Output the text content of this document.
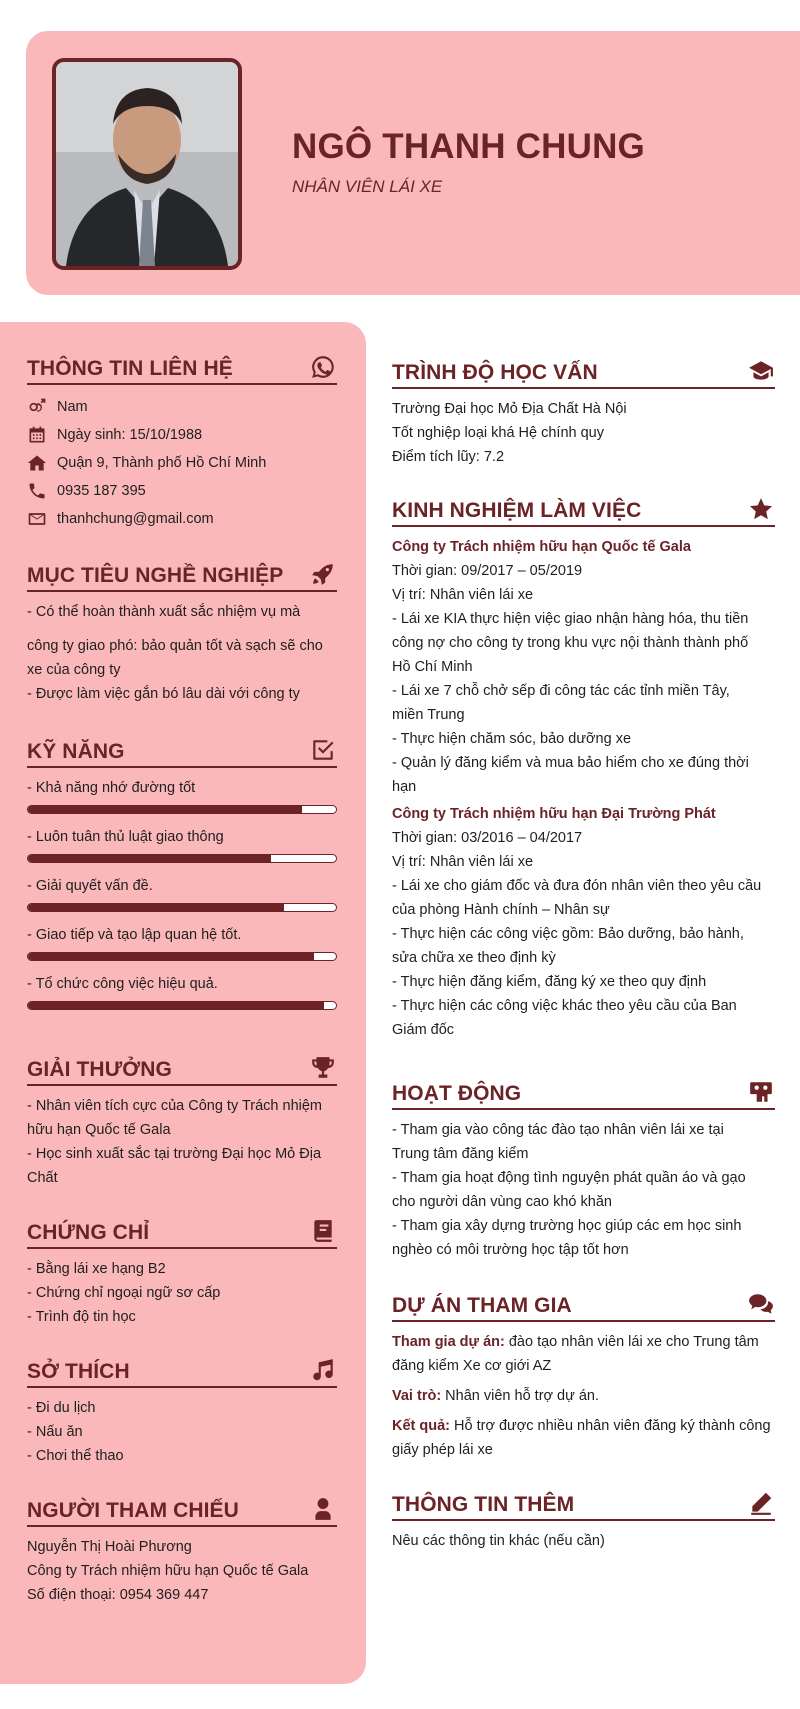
NGÔ THANH CHUNG
NHÂN VIÊN LÁI XE
THÔNG TIN LIÊN HỆ
Nam
Ngày sinh: 15/10/1988
Quận 9, Thành phố Hồ Chí Minh
0935 187 395
thanhchung@gmail.com
MỤC TIÊU NGHỀ NGHIỆP
- Có thể hoàn thành xuất sắc nhiệm vụ mà
công ty giao phó: bảo quản tốt và sạch sẽ cho xe của công ty
- Được làm việc gắn bó lâu dài với công ty
KỸ NĂNG
- Khả năng nhớ đường tốt
- Luôn tuân thủ luật giao thông
- Giải quyết vấn đề.
- Giao tiếp và tạo lập quan hệ tốt.
- Tổ chức công việc hiệu quả.
GIẢI THƯỞNG
- Nhân viên tích cực của Công ty Trách nhiệm
hữu hạn Quốc tế Gala
- Học sinh xuất sắc tại trường Đại học Mỏ Địa
Chất
CHỨNG CHỈ
- Bằng lái xe hạng B2
- Chứng chỉ ngoại ngữ sơ cấp
- Trình độ tin học
SỞ THÍCH
- Đi du lịch
- Nấu ăn
- Chơi thể thao
NGƯỜI THAM CHIẾU
Nguyễn Thị Hoài Phương
Công ty Trách nhiệm hữu hạn Quốc tế Gala
Số điện thoại: 0954 369 447
TRÌNH ĐỘ HỌC VẤN
Trường Đại học Mỏ Địa Chất Hà Nội
Tốt nghiệp loại khá Hệ chính quy
Điểm tích lũy: 7.2
KINH NGHIỆM LÀM VIỆC
Công ty Trách nhiệm hữu hạn Quốc tế Gala
Thời gian: 09/2017 – 05/2019
Vị trí: Nhân viên lái xe
- Lái xe KIA thực hiện việc giao nhận hàng hóa, thu tiền
công nợ cho công ty trong khu vực nội thành thành phố
Hồ Chí Minh
- Lái xe 7 chỗ chở sếp đi công tác các tỉnh miền Tây,
miền Trung
- Thực hiện chăm sóc, bảo dưỡng xe
- Quản lý đăng kiểm và mua bảo hiểm cho xe đúng thời
hạn
Công ty Trách nhiệm hữu hạn Đại Trường Phát
Thời gian: 03/2016 – 04/2017
Vị trí: Nhân viên lái xe
- Lái xe cho giám đốc và đưa đón nhân viên theo yêu cầu
của phòng Hành chính – Nhân sự
- Thực hiện các công việc gồm: Bảo dưỡng, bảo hành,
sửa chữa xe theo định kỳ
- Thực hiện đăng kiểm, đăng ký xe theo quy định
- Thực hiện các công việc khác theo yêu cầu của Ban
Giám đốc
HOẠT ĐỘNG
- Tham gia vào công tác đào tạo nhân viên lái xe tại
Trung tâm đăng kiểm
- Tham gia hoạt động tình nguyện phát quần áo và gạo
cho người dân vùng cao khó khăn
- Tham gia xây dựng trường học giúp các em học sinh
nghèo có môi trường học tập tốt hơn
DỰ ÁN THAM GIA
Tham gia dự án: đào tạo nhân viên lái xe cho Trung tâm đăng kiểm Xe cơ giới AZ
Vai trò: Nhân viên hỗ trợ dự án.
Kết quả: Hỗ trợ được nhiều nhân viên đăng ký thành công giấy phép lái xe
THÔNG TIN THÊM
Nêu các thông tin khác (nếu cần)
